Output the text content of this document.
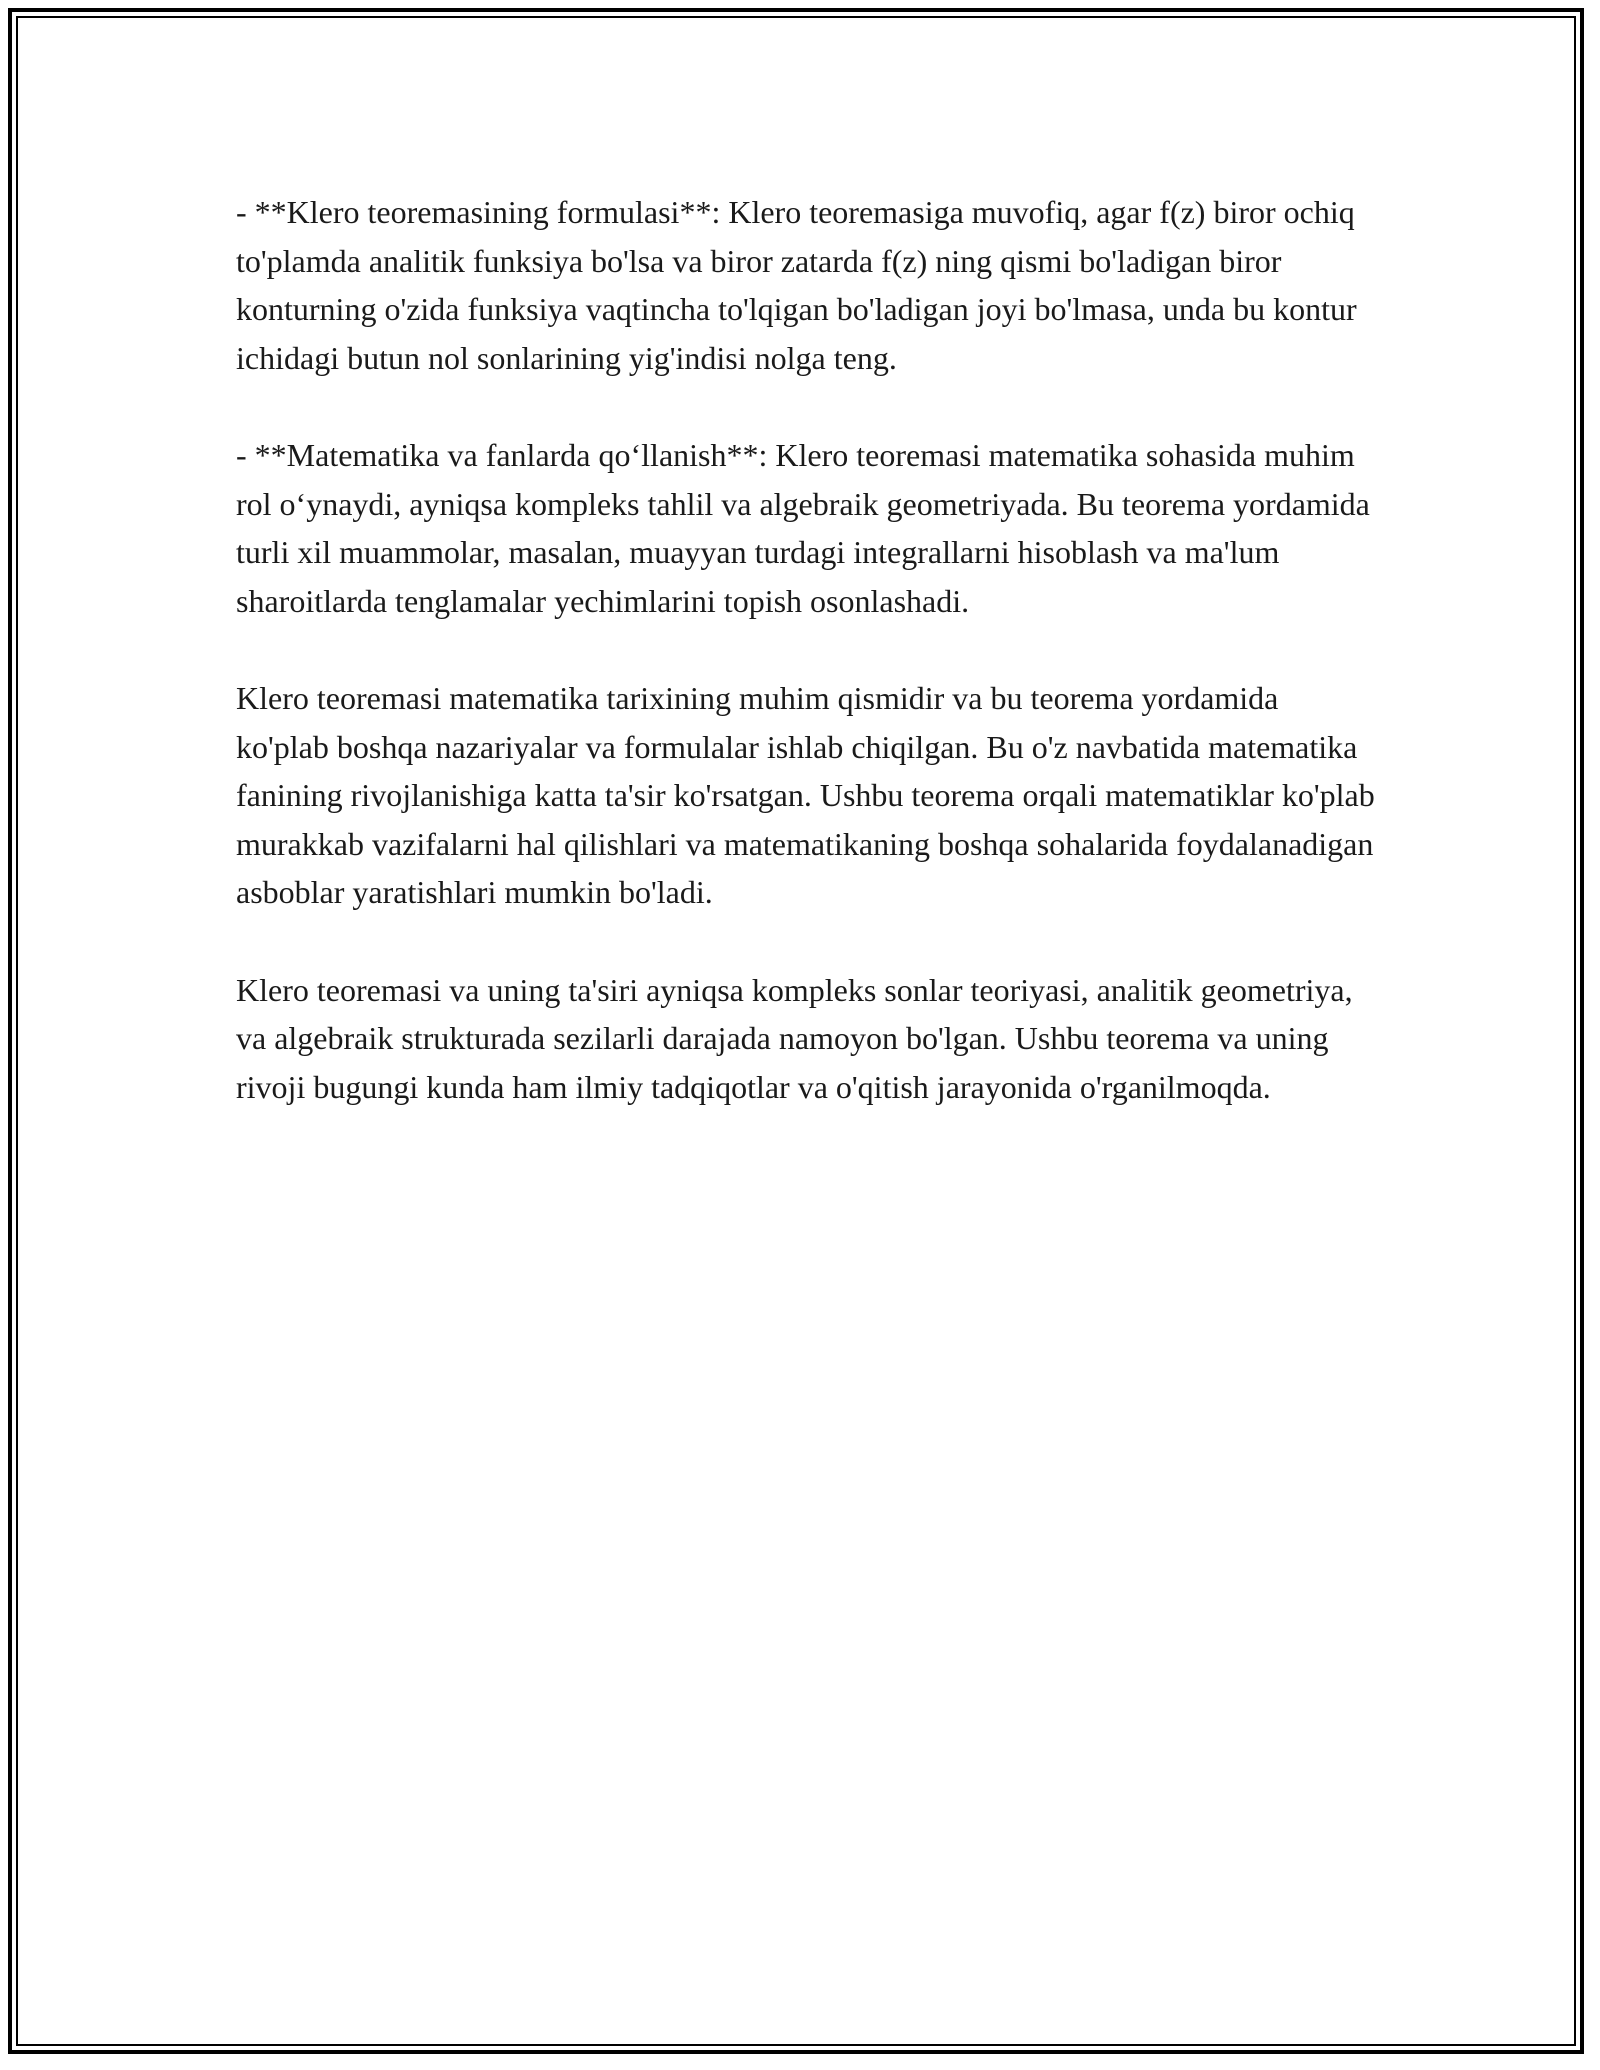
- **Klero teoremasining formulasi**: Klero teoremasiga muvofiq, agar f(z) biror ochiq to'plamda analitik funksiya bo'lsa va biror zatarda f(z) ning qismi bo'ladigan biror konturning o'zida funksiya vaqtincha to'lqigan bo'ladigan joyi bo'lmasa, unda bu kontur ichidagi butun nol sonlarining yig'indisi nolga teng.

- **Matematika va fanlarda qo‘llanish**: Klero teoremasi matematika sohasida muhim rol o‘ynaydi, ayniqsa kompleks tahlil va algebraik geometriyada. Bu teorema yordamida turli xil muammolar, masalan, muayyan turdagi integrallarni hisoblash va ma'lum sharoitlarda tenglamalar yechimlarini topish osonlashadi.

Klero teoremasi matematika tarixining muhim qismidir va bu teorema yordamida ko'plab boshqa nazariyalar va formulalar ishlab chiqilgan. Bu o'z navbatida matematika fanining rivojlanishiga katta ta'sir ko'rsatgan. Ushbu teorema orqali matematiklar ko'plab murakkab vazifalarni hal qilishlari va matematikaning boshqa sohalarida foydalanadigan asboblar yaratishlari mumkin bo'ladi.

Klero teoremasi va uning ta'siri ayniqsa kompleks sonlar teoriyasi, analitik geometriya, va algebraik strukturada sezilarli darajada namoyon bo'lgan. Ushbu teorema va uning rivoji bugungi kunda ham ilmiy tadqiqotlar va o'qitish jarayonida o'rganilmoqda.
